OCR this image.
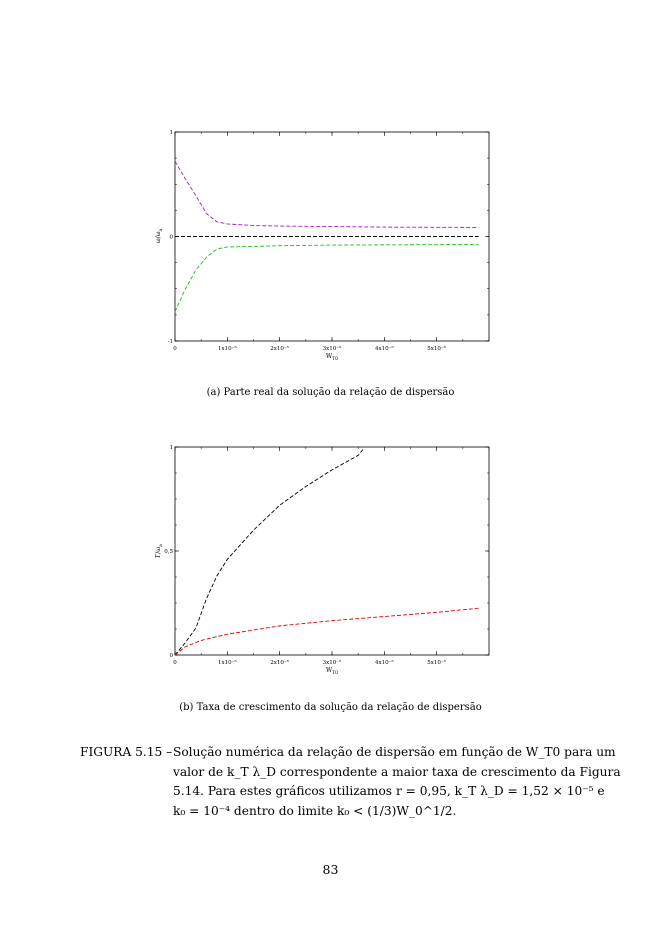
0	1x10⁻⁵	2x10⁻⁵	3x10⁻⁵	4x10⁻⁵	5x10⁻⁵
-1
0
1
$W_{T0}$
$\omega/\omega_a$
(a) Parte real da solução da relação de dispersão
0	1x10⁻⁵	2x10⁻⁵	3x10⁻⁵	4x10⁻⁵	5x10⁻⁵
0
0,5
1
$W_{T0}$
$\Gamma/\omega_a$
(b) Taxa de crescimento da solução da relação de dispersão
FIGURA 5.15 – Solução numérica da relação de dispersão em função de W_T0 para um
valor de k_T λ_D correspondente a maior taxa de crescimento da Figura
5.14. Para estes gráficos utilizamos r = 0,95, k_T λ_D = 1,52 × 10⁻⁵ e
k₀ = 10⁻⁴ dentro do limite k₀ < (1/3)W_0^1/2.
83
